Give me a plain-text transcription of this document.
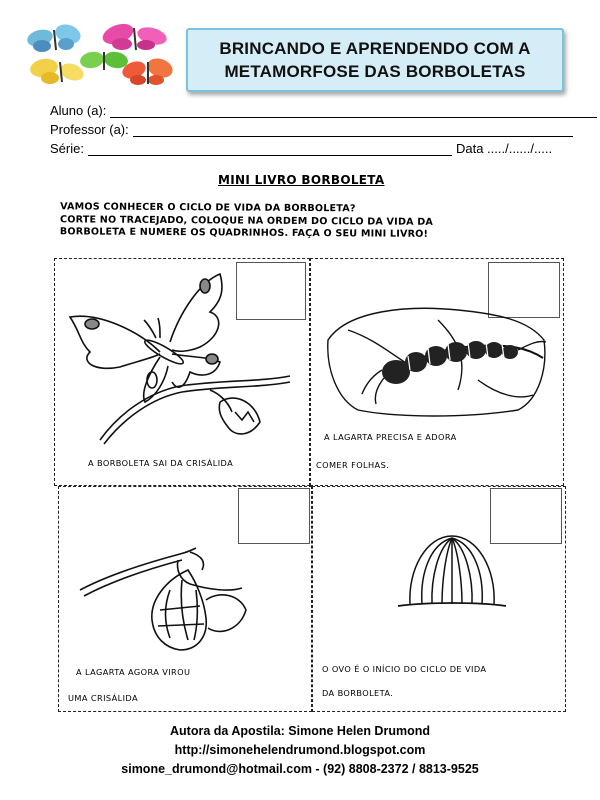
BRINCANDO E APRENDENDO COM A
METAMORFOSE DAS BORBOLETAS
Aluno (a):
Professor (a):
Série:	Data ...../....../.....
MINI LIVRO BORBOLETA
VAMOS CONHECER O CICLO DE VIDA DA BORBOLETA?
CORTE NO TRACEJADO, COLOQUE NA ORDEM DO CICLO DA VIDA DA
BORBOLETA E NUMERE OS QUADRINHOS. FAÇA O SEU MINI LIVRO!
A BORBOLETA SAI DA CRISÁLIDA
A LAGARTA PRECISA E ADORA
COMER FOLHAS.
A LAGARTA AGORA VIROU
UMA CRISÁLIDA
O OVO É O INÍCIO DO CICLO DE VIDA
DA BORBOLETA.
Autora da Apostila: Simone Helen Drumond
http://simonehelendrumond.blogspot.com
simone_drumond@hotmail.com - (92) 8808-2372 / 8813-9525
